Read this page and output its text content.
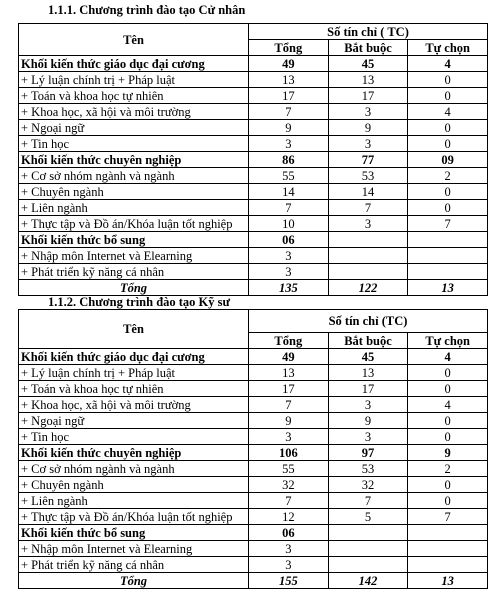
1.1.1. Chương trình đào tạo Cử nhân
Tên	Số tín chỉ ( TC)		
	Tổng	Bắt buộc	Tự chọn
Khối kiến thức giáo dục đại cương	49	45	4
+ Lý luận chính trị + Pháp luật	13	13	0
+ Toán và khoa học tự nhiên	17	17	0
+ Khoa học, xã hội và môi trường	7	3	4
+ Ngoại ngữ	9	9	0
+ Tin học	3	3	0
Khối kiến thức chuyên nghiệp	86	77	09
+ Cơ sở nhóm ngành và ngành	55	53	2
+ Chuyên ngành	14	14	0
+ Liên ngành	7	7	0
+ Thực tập và Đồ án/Khóa luận tốt nghiệp	10	3	7
Khối kiến thức bổ sung	06		
+ Nhập môn Internet và Elearning	3		
+ Phát triển kỹ năng cá nhân	3		
Tổng	135	122	13
1.1.2. Chương trình đào tạo Kỹ sư
Tên	Số tín chỉ (TC)		
	Tổng	Bắt buộc	Tự chọn
Khối kiến thức giáo dục đại cương	49	45	4
+ Lý luận chính trị + Pháp luật	13	13	0
+ Toán và khoa học tự nhiên	17	17	0
+ Khoa học, xã hội và môi trường	7	3	4
+ Ngoại ngữ	9	9	0
+ Tin học	3	3	0
Khối kiến thức chuyên nghiệp	106	97	9
+ Cơ sở nhóm ngành và ngành	55	53	2
+ Chuyên ngành	32	32	0
+ Liên ngành	7	7	0
+ Thực tập và Đồ án/Khóa luận tốt nghiệp	12	5	7
Khối kiến thức bổ sung	06		
+ Nhập môn Internet và Elearning	3		
+ Phát triển kỹ năng cá nhân	3		
Tổng	155	142	13
